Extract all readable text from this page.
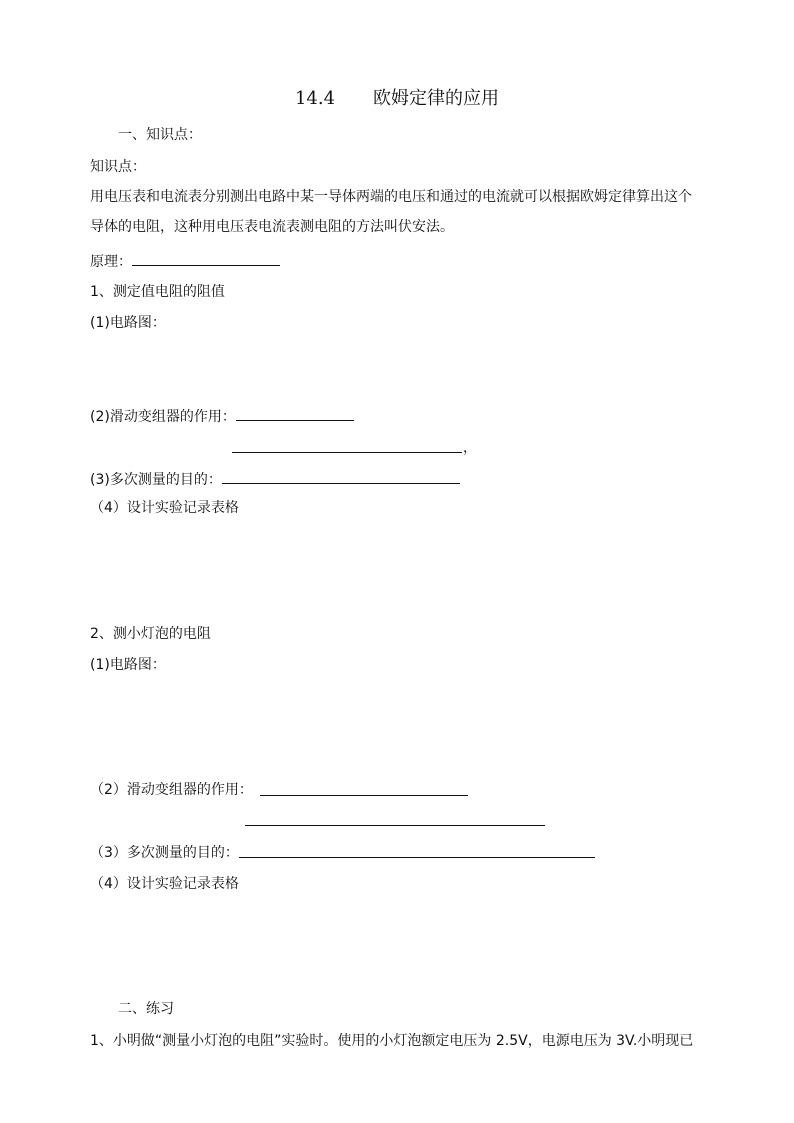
14.4 欧姆定律的应用
一、知识点：
知识点：
用电压表和电流表分别测出电路中某一导体两端的电压和通过的电流就可以根据欧姆定律算出这个
导体的电阻，这种用电压表电流表测电阻的方法叫伏安法。
原理：
1、测定值电阻的阻值
(1)电路图：
(2)滑动变组器的作用：
，
(3)多次测量的目的：
（4）设计实验记录表格
2、测小灯泡的电阻
(1)电路图：
（2）滑动变组器的作用：
（3）多次测量的目的：
（4）设计实验记录表格
二、练习
1、小明做“测量小灯泡的电阻”实验时。使用的小灯泡额定电压为 2.5V，电源电压为 3V.小明现已
